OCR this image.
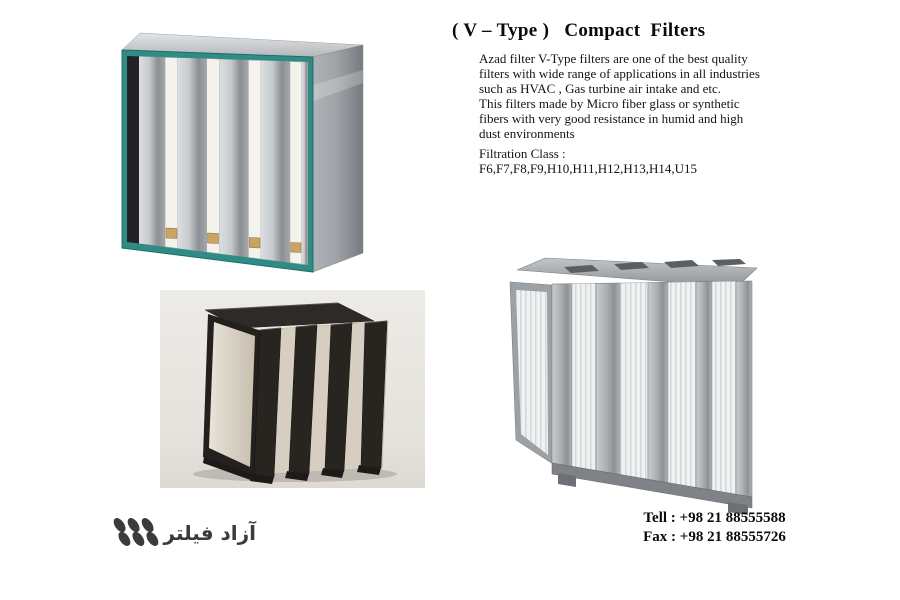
( V – Type )   Compact  Filters
Azad filter V-Type filters are one of the best quality
filters with wide range of applications in all industries
such as HVAC , Gas turbine air intake and etc.
This filters made by Micro fiber glass or synthetic
fibers with very good resistance in humid and high
dust environments
Filtration Class :
F6,F7,F8,F9,H10,H11,H12,H13,H14,U15
Tell : +98 21 88555588
Fax : +98 21 88555726
آزاد فیلتر
